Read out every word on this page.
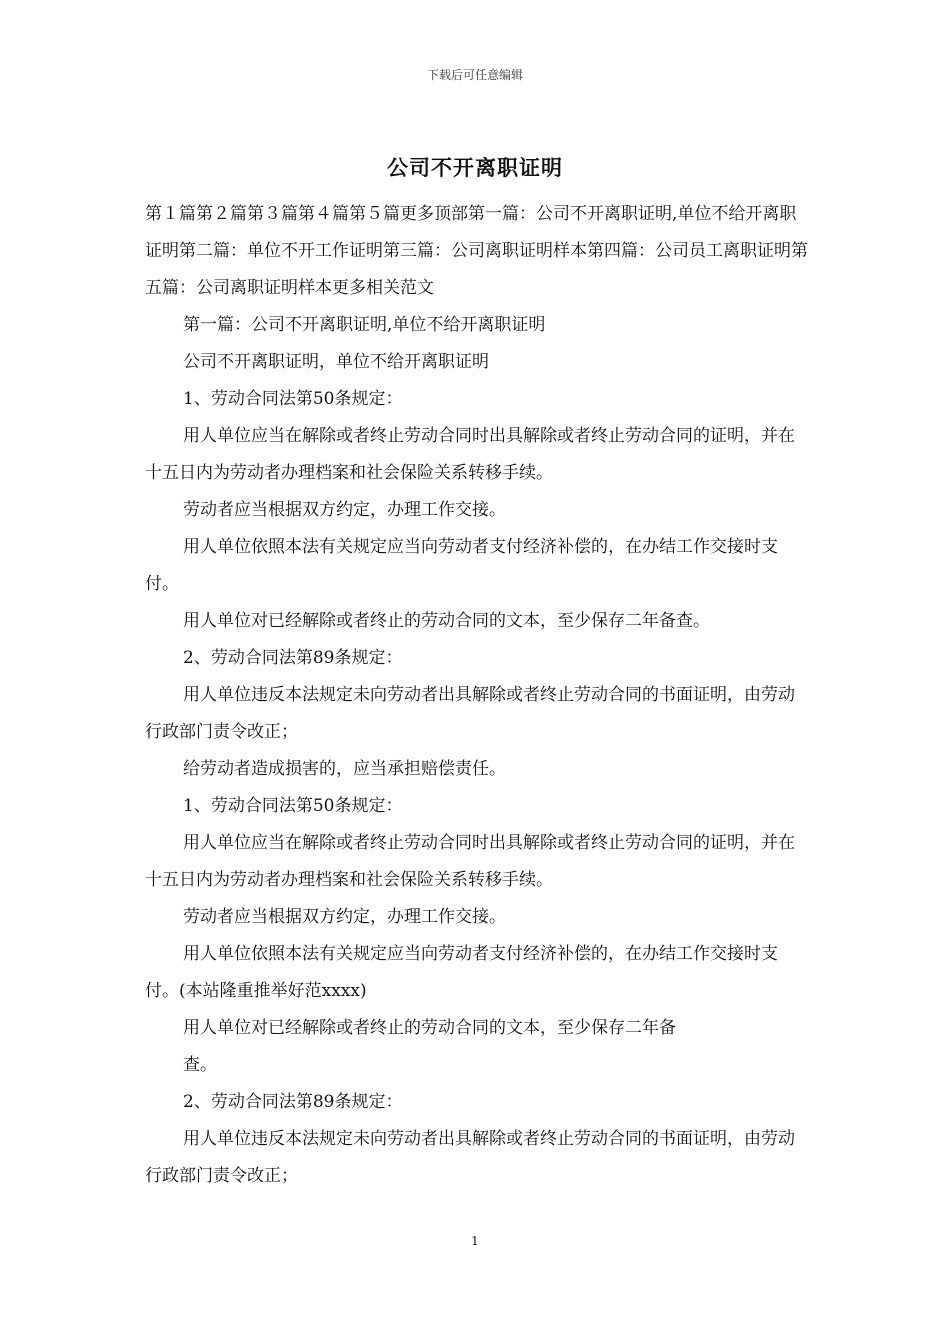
下载后可任意编辑
公司不开离职证明

第１篇第２篇第３篇第４篇第５篇更多顶部第一篇：公司不开离职证明,单位不给开离职证明第二篇：单位不开工作证明第三篇：公司离职证明样本第四篇：公司员工离职证明第五篇：公司离职证明样本更多相关范文

第一篇：公司不开离职证明,单位不给开离职证明

公司不开离职证明，单位不给开离职证明

1、劳动合同法第50条规定：

用人单位应当在解除或者终止劳动合同时出具解除或者终止劳动合同的证明，并在十五日内为劳动者办理档案和社会保险关系转移手续。

劳动者应当根据双方约定，办理工作交接。

用人单位依照本法有关规定应当向劳动者支付经济补偿的，在办结工作交接时支付。

用人单位对已经解除或者终止的劳动合同的文本，至少保存二年备查。

2、劳动合同法第89条规定：

用人单位违反本法规定未向劳动者出具解除或者终止劳动合同的书面证明，由劳动行政部门责令改正；

给劳动者造成损害的，应当承担赔偿责任。

1、劳动合同法第50条规定：

用人单位应当在解除或者终止劳动合同时出具解除或者终止劳动合同的证明，并在十五日内为劳动者办理档案和社会保险关系转移手续。

劳动者应当根据双方约定，办理工作交接。

用人单位依照本法有关规定应当向劳动者支付经济补偿的，在办结工作交接时支付。(本站隆重推举好范xxxx)

用人单位对已经解除或者终止的劳动合同的文本，至少保存二年备

查。

2、劳动合同法第89条规定：

用人单位违反本法规定未向劳动者出具解除或者终止劳动合同的书面证明，由劳动行政部门责令改正；

1
